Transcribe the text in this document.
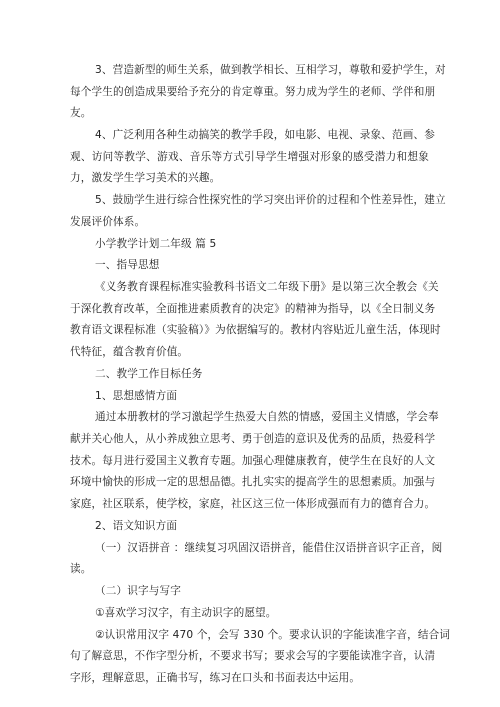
3、营造新型的师生关系，做到教学相长、互相学习，尊敬和爱护学生，对
每个学生的创造成果要给予充分的肯定尊重。努力成为学生的老师、学伴和朋
友。
4、广泛利用各种生动搞笑的教学手段，如电影、电视、录象、范画、参
观、访问等教学、游戏、音乐等方式引导学生增强对形象的感受潜力和想象
力，激发学生学习美术的兴趣。
5、鼓励学生进行综合性探究性的学习突出评价的过程和个性差异性，建立
发展评价体系。
小学教学计划二年级 篇 5
一、指导思想
《义务教育课程标准实验教科书语文二年级下册》是以第三次全教会《关
于深化教育改革，全面推进素质教育的决定》的精神为指导，以《全日制义务
教育语文课程标准（实验稿）》为依据编写的。教材内容贴近儿童生活，体现时
代特征，蕴含教育价值。
二、教学工作目标任务
1、思想感情方面
通过本册教材的学习激起学生热爱大自然的情感，爱国主义情感，学会奉
献并关心他人，从小养成独立思考、勇于创造的意识及优秀的品质，热爱科学
技术。每月进行爱国主义教育专题。加强心理健康教育，使学生在良好的人文
环境中愉快的形成一定的思想品德。扎扎实实的提高学生的思想素质。加强与
家庭，社区联系，使学校，家庭，社区这三位一体形成强而有力的德育合力。
2、语文知识方面
（一）汉语拼音 ：继续复习巩固汉语拼音，能借住汉语拼音识字正音，阅
读。
（二）识字与写字
①喜欢学习汉字，有主动识字的愿望。
②认识常用汉字 470 个，会写 330 个。要求认识的字能读准字音，结合词
句了解意思，不作字型分析，不要求书写；要求会写的字要能读准字音，认清
字形，理解意思，正确书写，练习在口头和书面表达中运用。
